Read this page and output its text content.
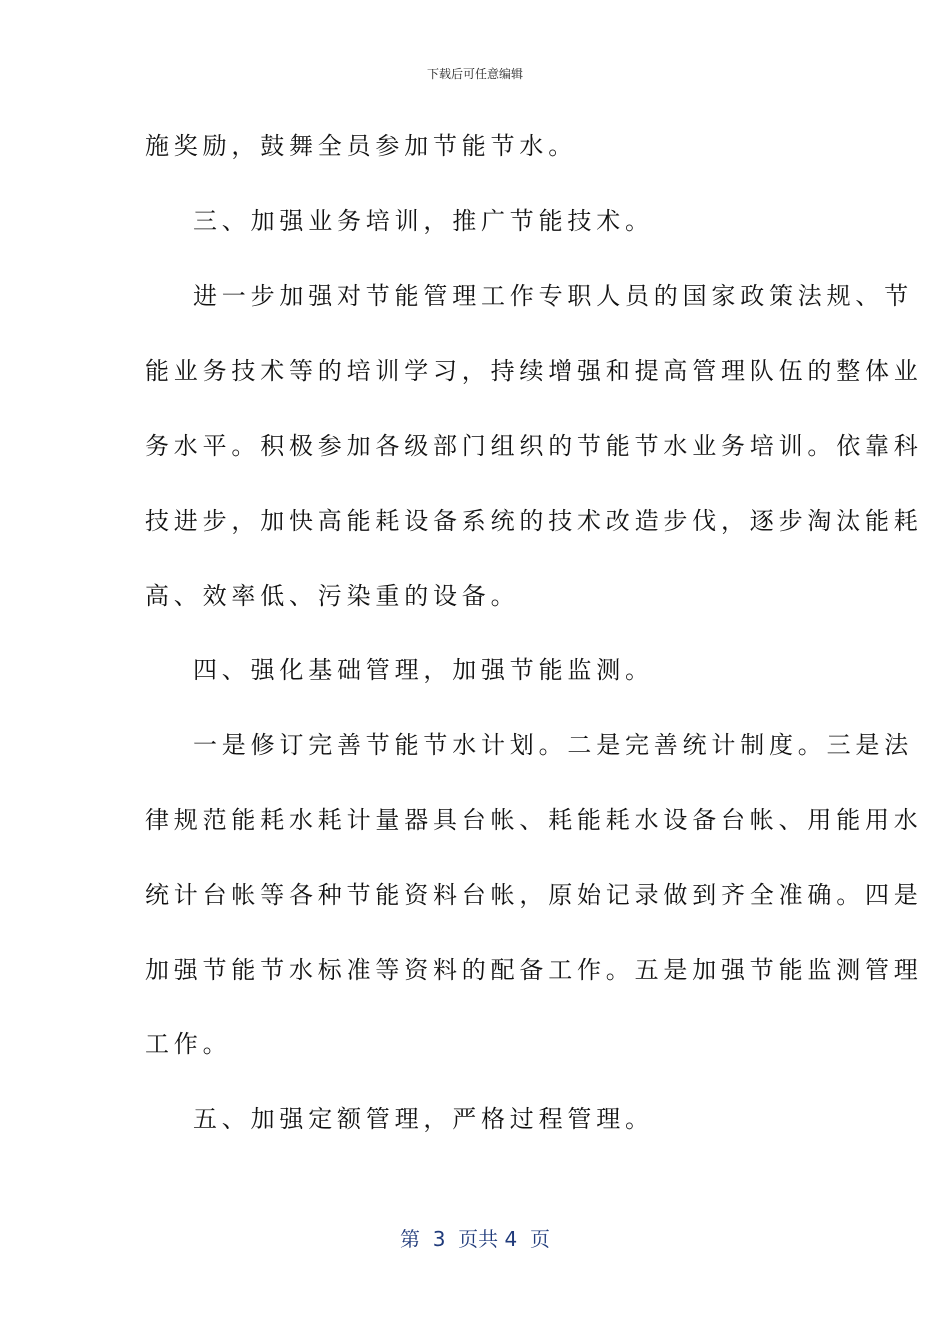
下载后可任意编辑
施奖励，鼓舞全员参加节能节水。
三、加强业务培训，推广节能技术。
进一步加强对节能管理工作专职人员的国家政策法规、节
能业务技术等的培训学习，持续增强和提高管理队伍的整体业
务水平。积极参加各级部门组织的节能节水业务培训。依靠科
技进步，加快高能耗设备系统的技术改造步伐，逐步淘汰能耗
高、效率低、污染重的设备。
四、强化基础管理，加强节能监测。
一是修订完善节能节水计划。二是完善统计制度。三是法
律规范能耗水耗计量器具台帐、耗能耗水设备台帐、用能用水
统计台帐等各种节能资料台帐，原始记录做到齐全准确。四是
加强节能节水标准等资料的配备工作。五是加强节能监测管理
工作。
五、加强定额管理，严格过程管理。
第  3  页共 4  页
